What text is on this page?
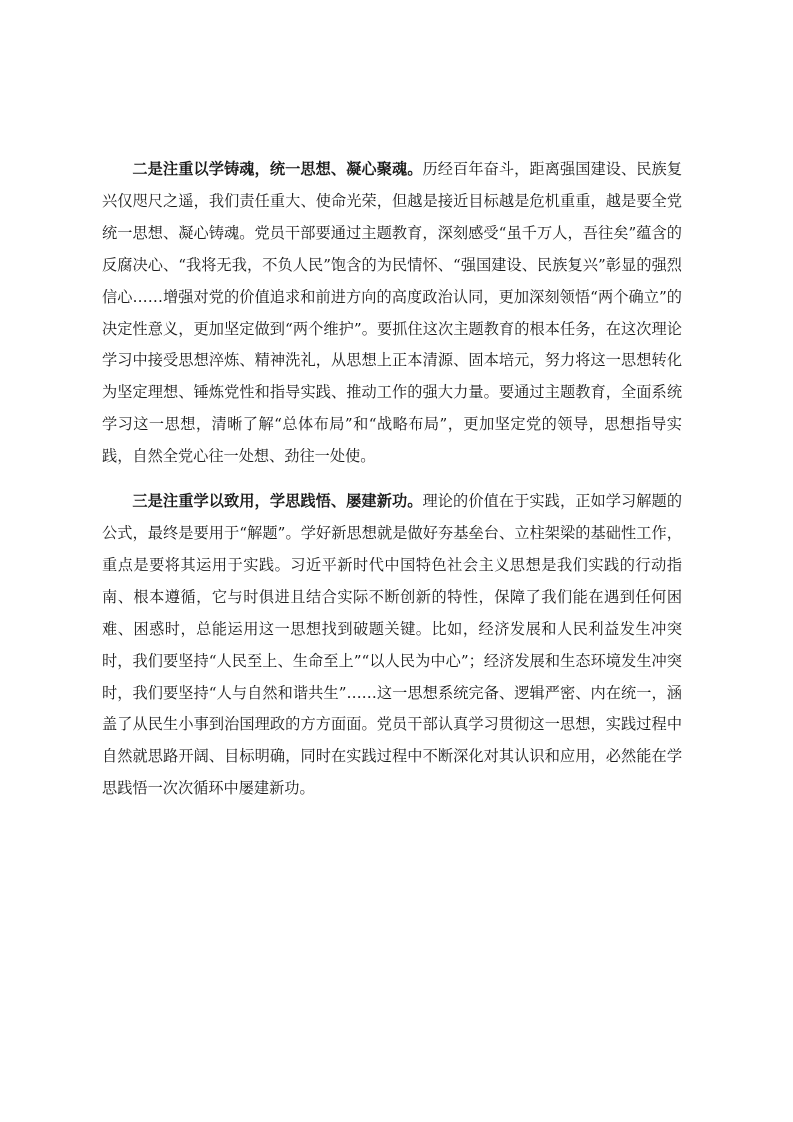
二是注重以学铸魂，统一思想、凝心聚魂。历经百年奋斗，距离强国建设、民族复兴仅咫尺之遥，我们责任重大、使命光荣，但越是接近目标越是危机重重，越是要全党统一思想、凝心铸魂。党员干部要通过主题教育，深刻感受“虽千万人，吾往矣”蕴含的反腐决心、“我将无我，不负人民”饱含的为民情怀、“强国建设、民族复兴”彰显的强烈信心……增强对党的价值追求和前进方向的高度政治认同，更加深刻领悟“两个确立”的决定性意义，更加坚定做到“两个维护”。要抓住这次主题教育的根本任务，在这次理论学习中接受思想淬炼、精神洗礼，从思想上正本清源、固本培元，努力将这一思想转化为坚定理想、锤炼党性和指导实践、推动工作的强大力量。要通过主题教育，全面系统学习这一思想，清晰了解“总体布局”和“战略布局”，更加坚定党的领导，思想指导实践，自然全党心往一处想、劲往一处使。

三是注重学以致用，学思践悟、屡建新功。理论的价值在于实践，正如学习解题的公式，最终是要用于“解题”。学好新思想就是做好夯基垒台、立柱架梁的基础性工作，重点是要将其运用于实践。习近平新时代中国特色社会主义思想是我们实践的行动指南、根本遵循，它与时俱进且结合实际不断创新的特性，保障了我们能在遇到任何困难、困惑时，总能运用这一思想找到破题关键。比如，经济发展和人民利益发生冲突时，我们要坚持“人民至上、生命至上”“以人民为中心”；经济发展和生态环境发生冲突时，我们要坚持“人与自然和谐共生”……这一思想系统完备、逻辑严密、内在统一，涵盖了从民生小事到治国理政的方方面面。党员干部认真学习贯彻这一思想，实践过程中自然就思路开阔、目标明确，同时在实践过程中不断深化对其认识和应用，必然能在学思践悟一次次循环中屡建新功。
